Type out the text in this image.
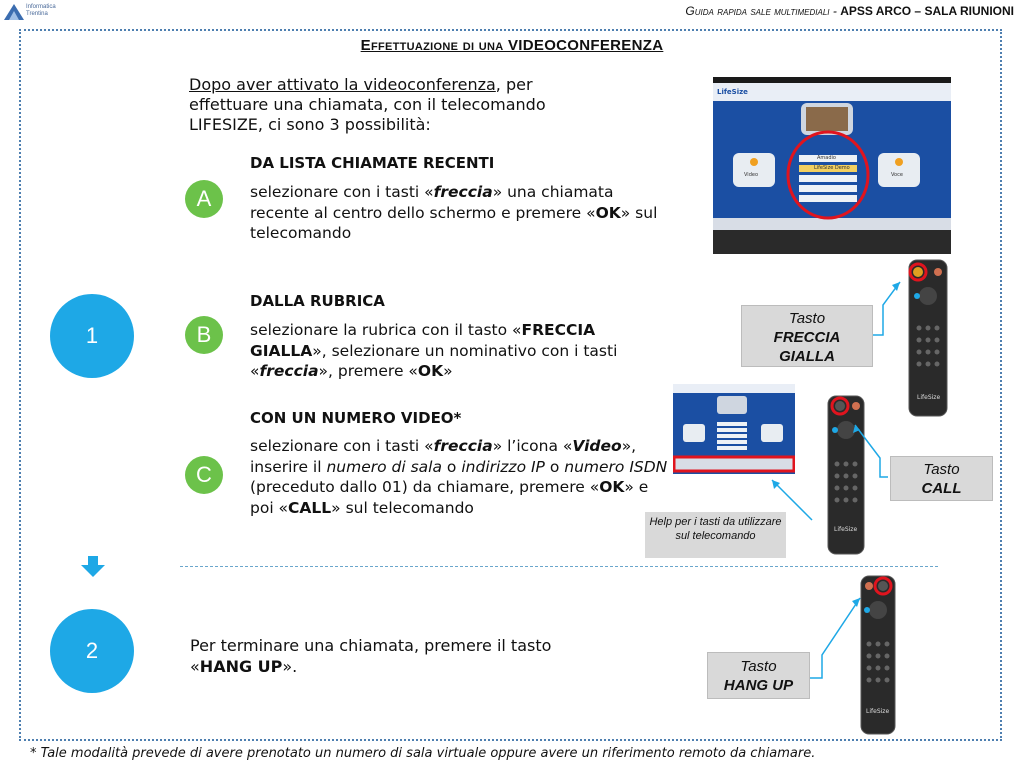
Informatica
Trentina	Guida rapida sale multimediali - APSS ARCO – SALA RIUNIONI
Effettuazione di una VIDEOCONFERENZA
Dopo aver attivato la videoconferenza, per effettuare una chiamata, con il telecomando LIFESIZE, ci sono 3 possibilità:
1
2
A
DA LISTA CHIAMATE RECENTI
selezionare con i tasti «freccia» una chiamata recente al centro dello schermo e premere «OK» sul telecomando
B
DALLA RUBRICA
selezionare la rubrica con il tasto «FRECCIA GIALLA», selezionare un nominativo con i tasti «freccia», premere «OK»
C
CON UN NUMERO VIDEO*
selezionare con i tasti «freccia» l’icona «Video», inserire il numero di sala o indirizzo IP o numero ISDN (preceduto dallo 01) da chiamare, premere «OK» e poi «CALL» sul telecomando
Per terminare una chiamata, premere il tasto «HANG UP».
LifeSize
Video	Voce
Amadio
LifeSize Demo
LifeSize
LifeSize
LifeSize
Tasto
FRECCIA
GIALLA
Tasto
CALL
Tasto
HANG UP
Help per i tasti da utilizzare sul telecomando
* Tale modalità prevede di avere prenotato un numero di sala virtuale oppure avere un riferimento remoto da chiamare.
